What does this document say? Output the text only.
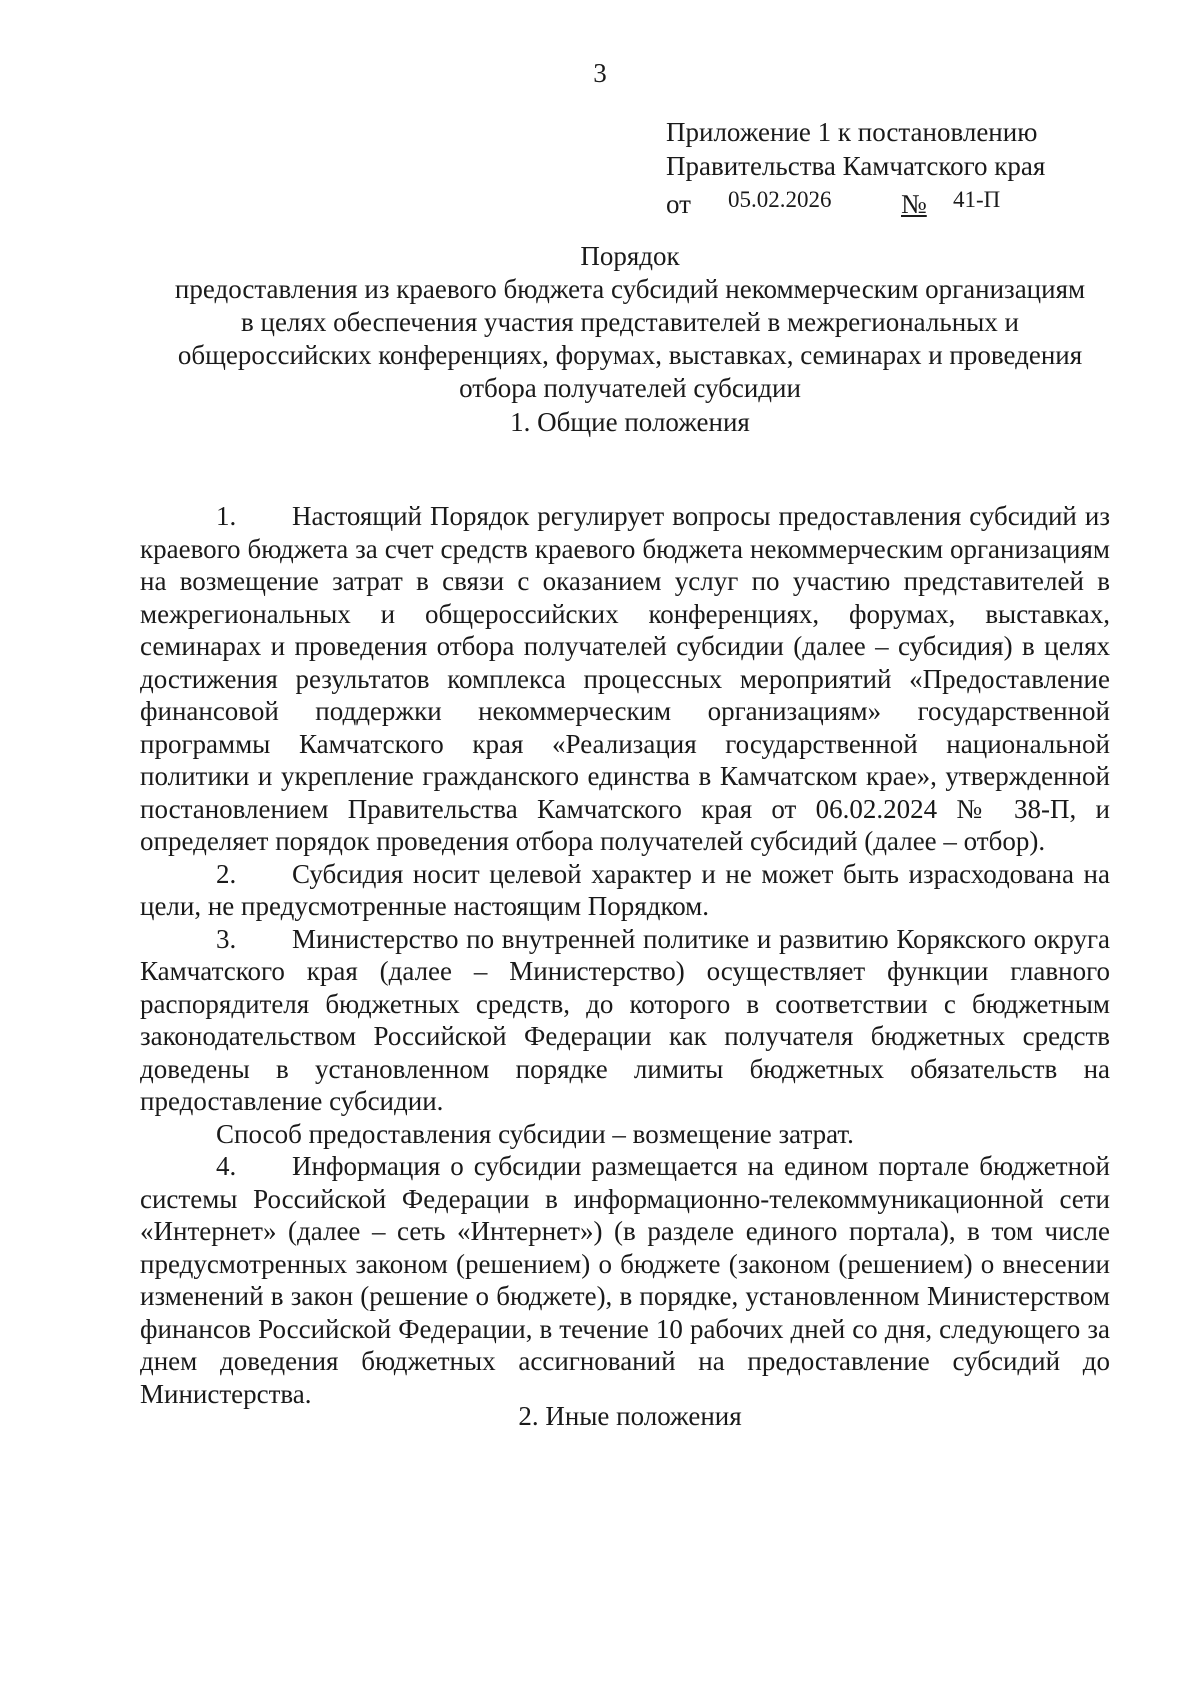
3
Приложение 1 к постановлению
Правительства Камчатского края
от 05.02.2026	№ 41-П
Порядок
предоставления из краевого бюджета субсидий некоммерческим организациям
в целях обеспечения участия представителей в межрегиональных и
общероссийских конференциях, форумах, выставках, семинарах и проведения
отбора получателей субсидии
1. Общие положения

1. Настоящий Порядок регулирует вопросы предоставления субсидий из краевого бюджета за счет средств краевого бюджета некоммерческим организациям на возмещение затрат в связи с оказанием услуг по участию представителей в межрегиональных и общероссийских конференциях, форумах, выставках, семинарах и проведения отбора получателей субсидии (далее – субсидия) в целях достижения результатов комплекса процессных мероприятий «Предоставление финансовой поддержки некоммерческим организациям» государственной программы Камчатского края «Реализация государственной национальной политики и укрепление гражданского единства в Камчатском крае», утвержденной постановлением Правительства Камчатского края от 06.02.2024 № 38-П, и определяет порядок проведения отбора получателей субсидий (далее – отбор).

2. Субсидия носит целевой характер и не может быть израсходована на цели, не предусмотренные настоящим Порядком.

3. Министерство по внутренней политике и развитию Корякского округа Камчатского края (далее – Министерство) осуществляет функции главного распорядителя бюджетных средств, до которого в соответствии с бюджетным законодательством Российской Федерации как получателя бюджетных средств доведены в установленном порядке лимиты бюджетных обязательств на предоставление субсидии.

Способ предоставления субсидии – возмещение затрат.

4. Информация о субсидии размещается на едином портале бюджетной системы Российской Федерации в информационно-телекоммуникационной сети «Интернет» (далее – сеть «Интернет») (в разделе единого портала), в том числе предусмотренных законом (решением) о бюджете (законом (решением) о внесении изменений в закон (решение о бюджете), в порядке, установленном Министерством финансов Российской Федерации, в течение 10 рабочих дней со дня, следующего за днем доведения бюджетных ассигнований на предоставление субсидий до Министерства.

2. Иные положения
